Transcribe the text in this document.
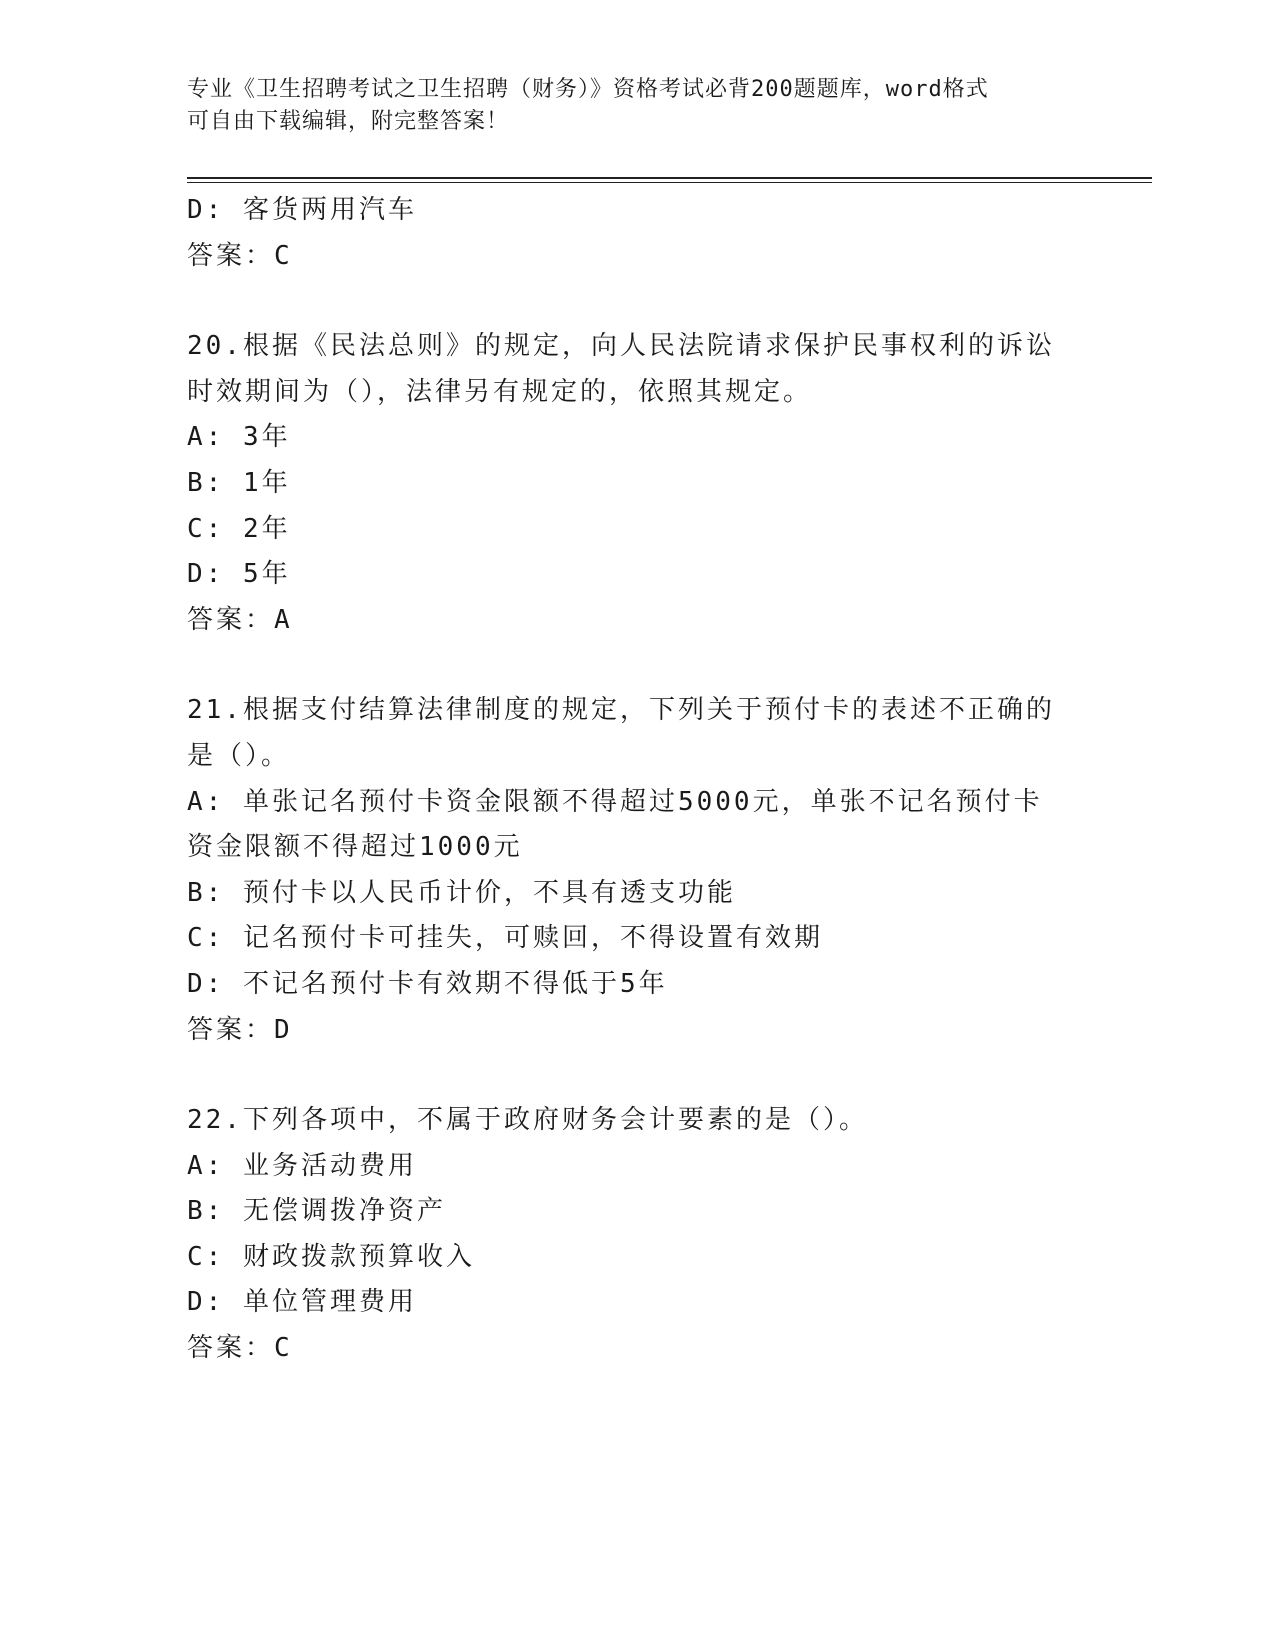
专业《卫生招聘考试之卫生招聘（财务）》资格考试必背200题题库，word格式
可自由下载编辑，附完整答案！
D: 客货两用汽车
答案：C
20.根据《民法总则》的规定，向人民法院请求保护民事权利的诉讼时效期间为（），法律另有规定的，依照其规定。
A: 3年
B: 1年
C: 2年
D: 5年
答案：A
21.根据支付结算法律制度的规定，下列关于预付卡的表述不正确的是（）。
A: 单张记名预付卡资金限额不得超过5000元，单张不记名预付卡资金限额不得超过1000元
B: 预付卡以人民币计价，不具有透支功能
C: 记名预付卡可挂失，可赎回，不得设置有效期
D: 不记名预付卡有效期不得低于5年
答案：D
22.下列各项中，不属于政府财务会计要素的是（）。
A: 业务活动费用
B: 无偿调拨净资产
C: 财政拨款预算收入
D: 单位管理费用
答案：C
